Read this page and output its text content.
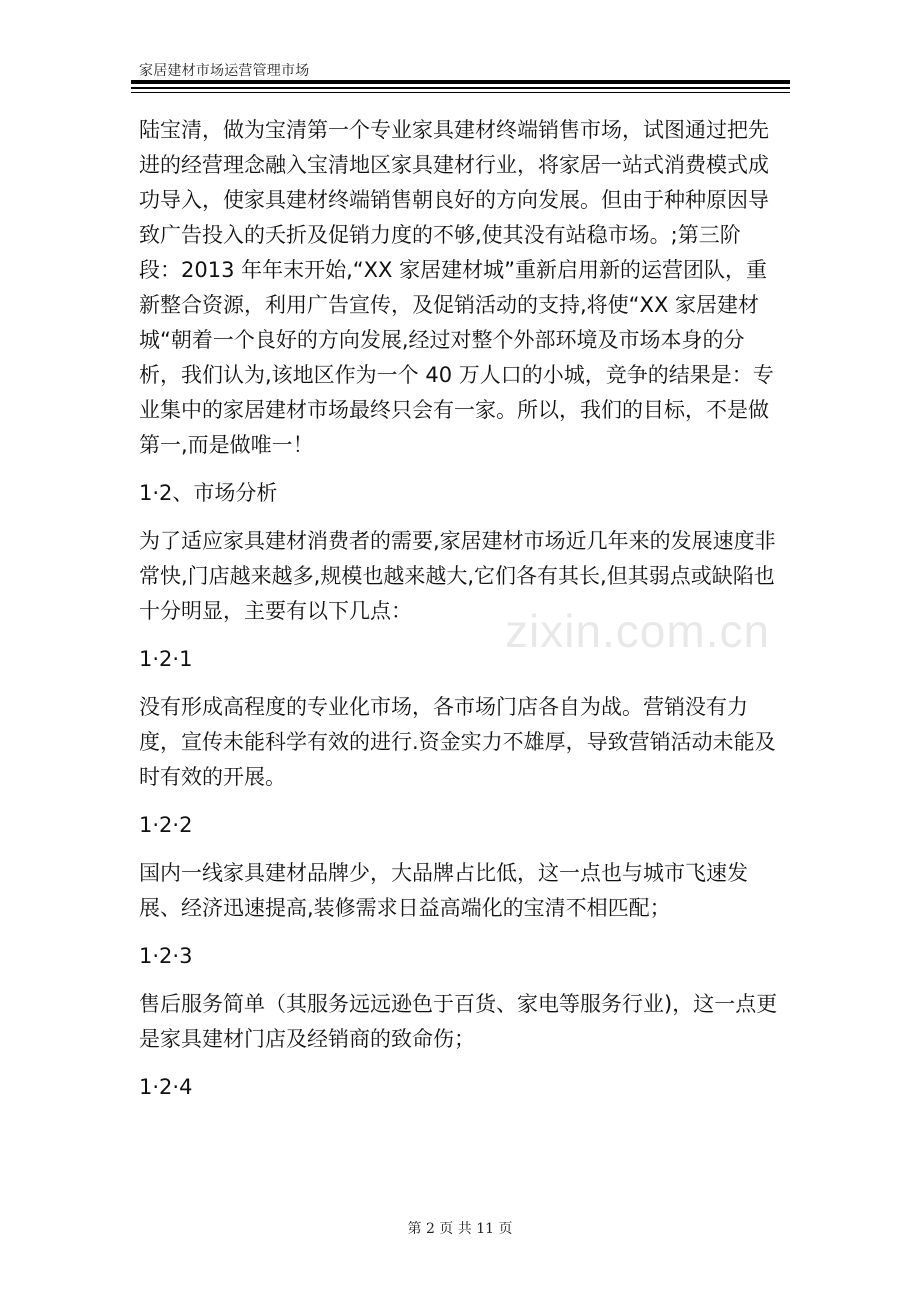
家居建材市场运营管理市场

陆宝清，做为宝清第一个专业家具建材终端销售市场，试图通过把先进的经营理念融入宝清地区家具建材行业，将家居一站式消费模式成功导入，使家具建材终端销售朝良好的方向发展。但由于种种原因导致广告投入的夭折及促销力度的不够,使其没有站稳市场。;第三阶段：2013 年年末开始,“XX 家居建材城”重新启用新的运营团队，重新整合资源，利用广告宣传，及促销活动的支持,将使“XX 家居建材城“朝着一个良好的方向发展,经过对整个外部环境及市场本身的分析，我们认为,该地区作为一个 40 万人口的小城，竞争的结果是：专业集中的家居建材市场最终只会有一家。所以，我们的目标，不是做第一,而是做唯一！

1·2、市场分析

为了适应家具建材消费者的需要,家居建材市场近几年来的发展速度非常快,门店越来越多,规模也越来越大,它们各有其长,但其弱点或缺陷也十分明显，主要有以下几点：

1·2·1

没有形成高程度的专业化市场，各市场门店各自为战。营销没有力度，宣传未能科学有效的进行.资金实力不雄厚，导致营销活动未能及时有效的开展。

1·2·2

国内一线家具建材品牌少，大品牌占比低，这一点也与城市飞速发展、经济迅速提高,装修需求日益高端化的宝清不相匹配；

1·2·3

售后服务简单（其服务远远逊色于百货、家电等服务行业)，这一点更是家具建材门店及经销商的致命伤；

1·2·4

zixin.com.cn
第 2 页 共 11 页
